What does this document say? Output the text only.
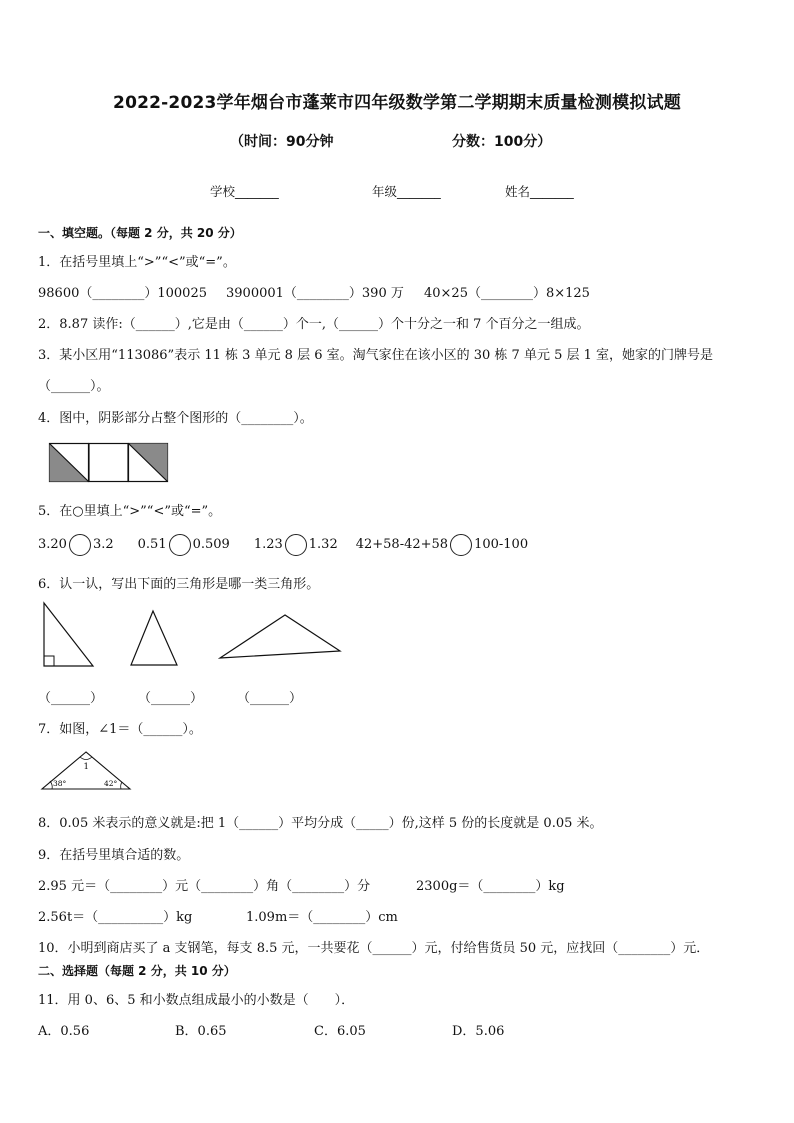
2022-2023学年烟台市蓬莱市四年级数学第二学期期末质量检测模拟试题
（时间：90分钟	分数：100分）
学校_______	年级_______	姓名_______
一、填空题。（每题 2 分，共 20 分）
1．在括号里填上“>”“<”或“=”。
98600（________）100025 3900001（________）390 万 40×25（________）8×125
2．8.87 读作:（______）,它是由（______）个一,（______）个十分之一和 7 个百分之一组成。
3．某小区用“113086”表示 11 栋 3 单元 8 层 6 室。淘气家住在该小区的 30 栋 7 单元 5 层 1 室，她家的门牌号是
（______）。
4．图中，阴影部分占整个图形的（________）。
5．在○里填上“>”“<”或“=”。
3.20 3.2 0.51 0.509 1.23 1.32 42+58-42+58 100-100
6．认一认，写出下面的三角形是哪一类三角形。
（______）	（______）	（______）
7．如图，∠1＝（______）。
1
38°	42°
8．0.05 米表示的意义就是:把 1（______）平均分成（_____）份,这样 5 份的长度就是 0.05 米。
9．在括号里填合适的数。
2.95 元＝（________）元（________）角（________）分	2300g＝（________）kg
2.56t＝（__________）kg	1.09m＝（________）cm
10．小明到商店买了 a 支钢笔，每支 8.5 元，一共要花（______）元，付给售货员 50 元，应找回（________）元．
二、选择题（每题 2 分，共 10 分）
11．用 0、6、5 和小数点组成最小的小数是（　　）．
A．0.56	B．0.65	C．6.05	D．5.06
